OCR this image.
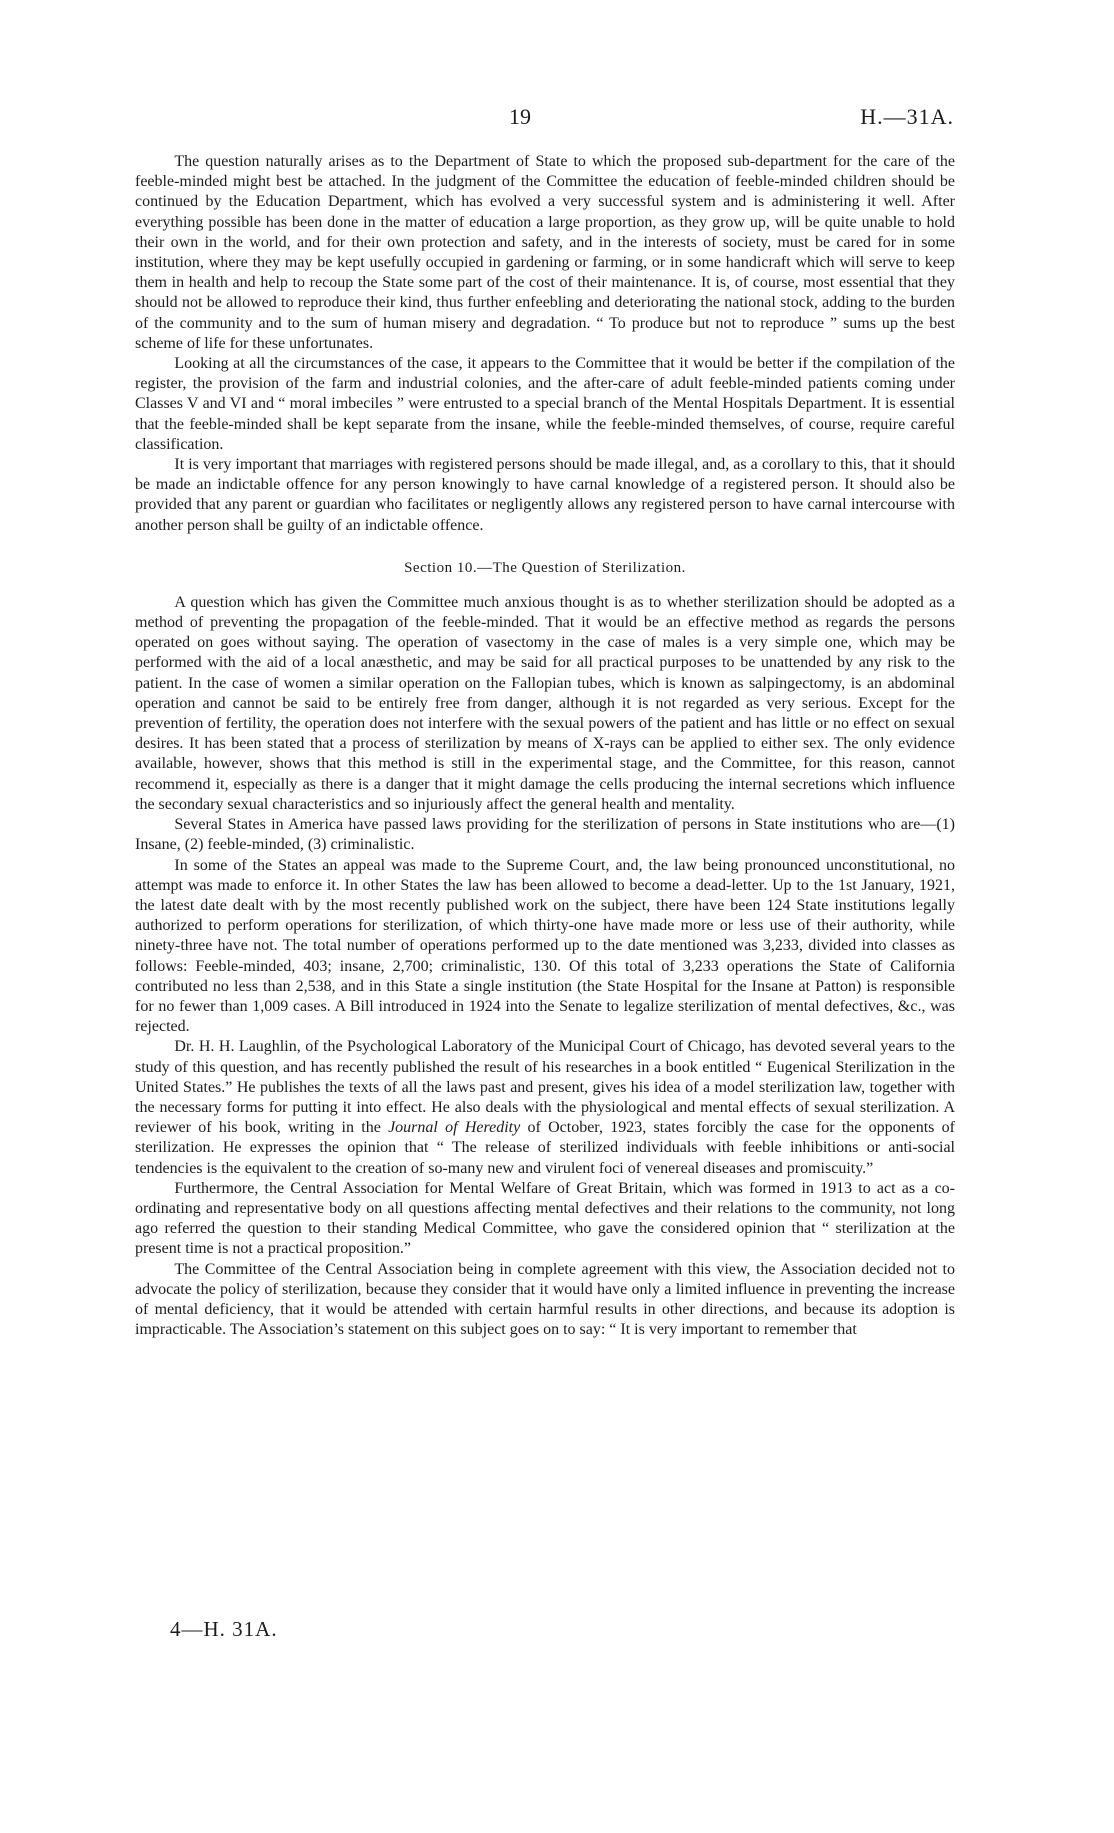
19	H.—31A.

The question naturally arises as to the Department of State to which the proposed sub-department for the care of the feeble-minded might best be attached. In the judgment of the Committee the education of feeble-minded children should be continued by the Education Department, which has evolved a very successful system and is administering it well. After everything possible has been done in the matter of education a large proportion, as they grow up, will be quite unable to hold their own in the world, and for their own protection and safety, and in the interests of society, must be cared for in some institution, where they may be kept usefully occupied in gardening or farming, or in some handicraft which will serve to keep them in health and help to recoup the State some part of the cost of their maintenance. It is, of course, most essential that they should not be allowed to reproduce their kind, thus further enfeebling and deteriorating the national stock, adding to the burden of the community and to the sum of human misery and degradation. “ To produce but not to reproduce ” sums up the best scheme of life for these unfortunates.

Looking at all the circumstances of the case, it appears to the Committee that it would be better if the compilation of the register, the provision of the farm and industrial colonies, and the after-care of adult feeble-minded patients coming under Classes V and VI and “ moral imbeciles ” were entrusted to a special branch of the Mental Hospitals Department. It is essential that the feeble-minded shall be kept separate from the insane, while the feeble-minded themselves, of course, require careful classification.

It is very important that marriages with registered persons should be made illegal, and, as a corollary to this, that it should be made an indictable offence for any person knowingly to have carnal knowledge of a registered person. It should also be provided that any parent or guardian who facilitates or negligently allows any registered person to have carnal intercourse with another person shall be guilty of an indictable offence.

Section 10.—The Question of Sterilization.

A question which has given the Committee much anxious thought is as to whether sterilization should be adopted as a method of preventing the propagation of the feeble-minded. That it would be an effective method as regards the persons operated on goes without saying. The operation of vasectomy in the case of males is a very simple one, which may be performed with the aid of a local anæsthetic, and may be said for all practical purposes to be unattended by any risk to the patient. In the case of women a similar operation on the Fallopian tubes, which is known as salpingectomy, is an abdominal operation and cannot be said to be entirely free from danger, although it is not regarded as very serious. Except for the prevention of fertility, the operation does not interfere with the sexual powers of the patient and has little or no effect on sexual desires. It has been stated that a process of sterilization by means of X-rays can be applied to either sex. The only evidence available, however, shows that this method is still in the experimental stage, and the Committee, for this reason, cannot recommend it, especially as there is a danger that it might damage the cells producing the internal secretions which influence the secondary sexual characteristics and so injuriously affect the general health and mentality.

Several States in America have passed laws providing for the sterilization of persons in State institutions who are—(1) Insane, (2) feeble-minded, (3) criminalistic.

In some of the States an appeal was made to the Supreme Court, and, the law being pronounced unconstitutional, no attempt was made to enforce it. In other States the law has been allowed to become a dead-letter. Up to the 1st January, 1921, the latest date dealt with by the most recently published work on the subject, there have been 124 State institutions legally authorized to perform operations for sterilization, of which thirty-one have made more or less use of their authority, while ninety-three have not. The total number of operations performed up to the date mentioned was 3,233, divided into classes as follows: Feeble-minded, 403; insane, 2,700; criminalistic, 130. Of this total of 3,233 operations the State of California contributed no less than 2,538, and in this State a single institution (the State Hospital for the Insane at Patton) is responsible for no fewer than 1,009 cases. A Bill introduced in 1924 into the Senate to legalize sterilization of mental defectives, &c., was rejected.

Dr. H. H. Laughlin, of the Psychological Laboratory of the Municipal Court of Chicago, has devoted several years to the study of this question, and has recently published the result of his researches in a book entitled “ Eugenical Sterilization in the United States.” He publishes the texts of all the laws past and present, gives his idea of a model sterilization law, together with the necessary forms for putting it into effect. He also deals with the physiological and mental effects of sexual sterilization. A reviewer of his book, writing in the Journal of Heredity of October, 1923, states forcibly the case for the opponents of sterilization. He expresses the opinion that “ The release of sterilized individuals with feeble inhibitions or anti-social tendencies is the equivalent to the creation of so-many new and virulent foci of venereal diseases and promiscuity.”

Furthermore, the Central Association for Mental Welfare of Great Britain, which was formed in 1913 to act as a co-ordinating and representative body on all questions affecting mental defectives and their relations to the community, not long ago referred the question to their standing Medical Committee, who gave the considered opinion that “ sterilization at the present time is not a practical proposition.”

The Committee of the Central Association being in complete agreement with this view, the Association decided not to advocate the policy of sterilization, because they consider that it would have only a limited influence in preventing the increase of mental deficiency, that it would be attended with certain harmful results in other directions, and because its adoption is impracticable. The Association’s statement on this subject goes on to say: “ It is very important to remember that

4—H. 31A.
